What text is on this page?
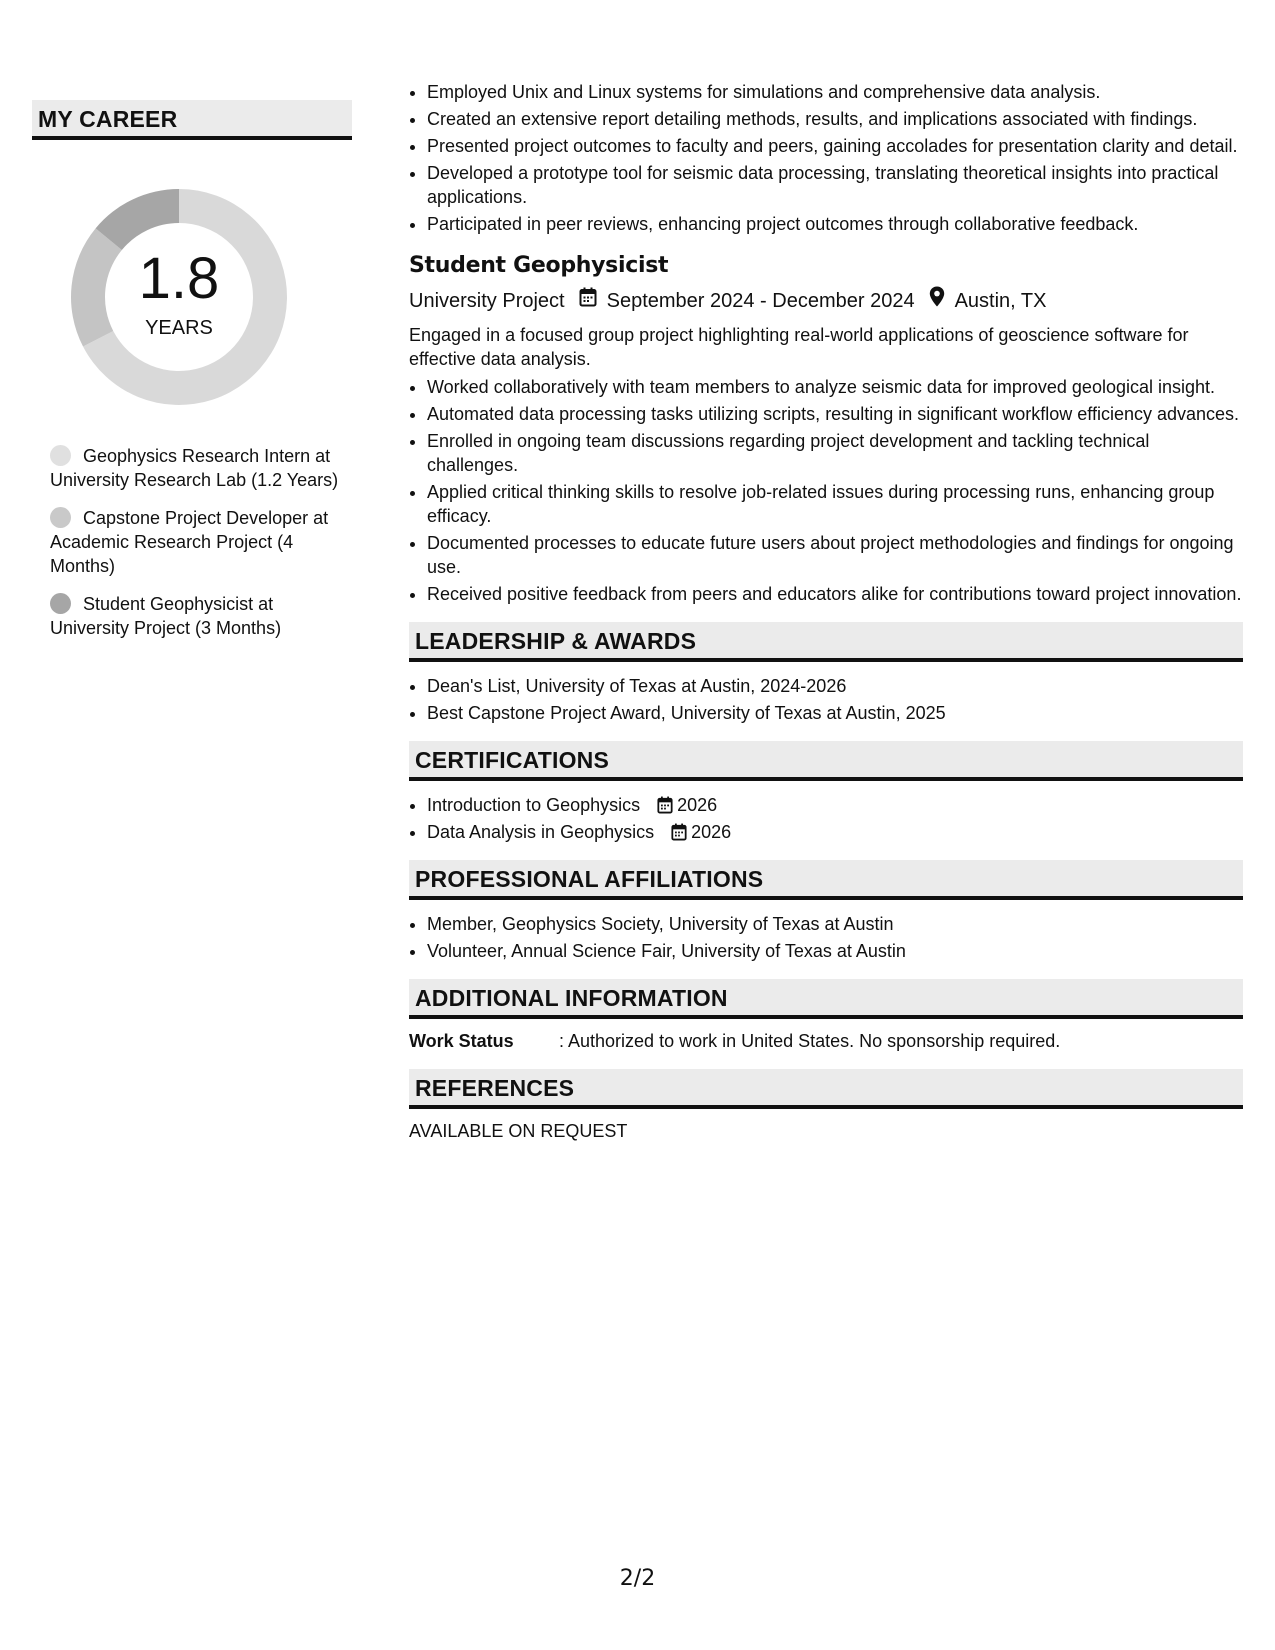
MY CAREER
1.8
YEARS
Geophysics Research Intern at University Research Lab (1.2 Years)
Capstone Project Developer at Academic Research Project (4 Months)
Student Geophysicist at University Project (3 Months)
• Employed Unix and Linux systems for simulations and comprehensive data analysis.
• Created an extensive report detailing methods, results, and implications associated with findings.
• Presented project outcomes to faculty and peers, gaining accolades for presentation clarity and detail.
• Developed a prototype tool for seismic data processing, translating theoretical insights into practical applications.
• Participated in peer reviews, enhancing project outcomes through collaborative feedback.
Student Geophysicist
University Project September 2024 - December 2024 Austin, TX
Engaged in a focused group project highlighting real-world applications of geoscience software for effective data analysis.
• Worked collaboratively with team members to analyze seismic data for improved geological insight.
• Automated data processing tasks utilizing scripts, resulting in significant workflow efficiency advances.
• Enrolled in ongoing team discussions regarding project development and tackling technical challenges.
• Applied critical thinking skills to resolve job-related issues during processing runs, enhancing group efficacy.
• Documented processes to educate future users about project methodologies and findings for ongoing use.
• Received positive feedback from peers and educators alike for contributions toward project innovation.
LEADERSHIP & AWARDS
• Dean's List, University of Texas at Austin, 2024-2026
• Best Capstone Project Award, University of Texas at Austin, 2025
CERTIFICATIONS
• Introduction to Geophysics 2026
• Data Analysis in Geophysics 2026
PROFESSIONAL AFFILIATIONS
• Member, Geophysics Society, University of Texas at Austin
• Volunteer, Annual Science Fair, University of Texas at Austin
ADDITIONAL INFORMATION
Work Status	: Authorized to work in United States. No sponsorship required.
REFERENCES
AVAILABLE ON REQUEST
2/2
